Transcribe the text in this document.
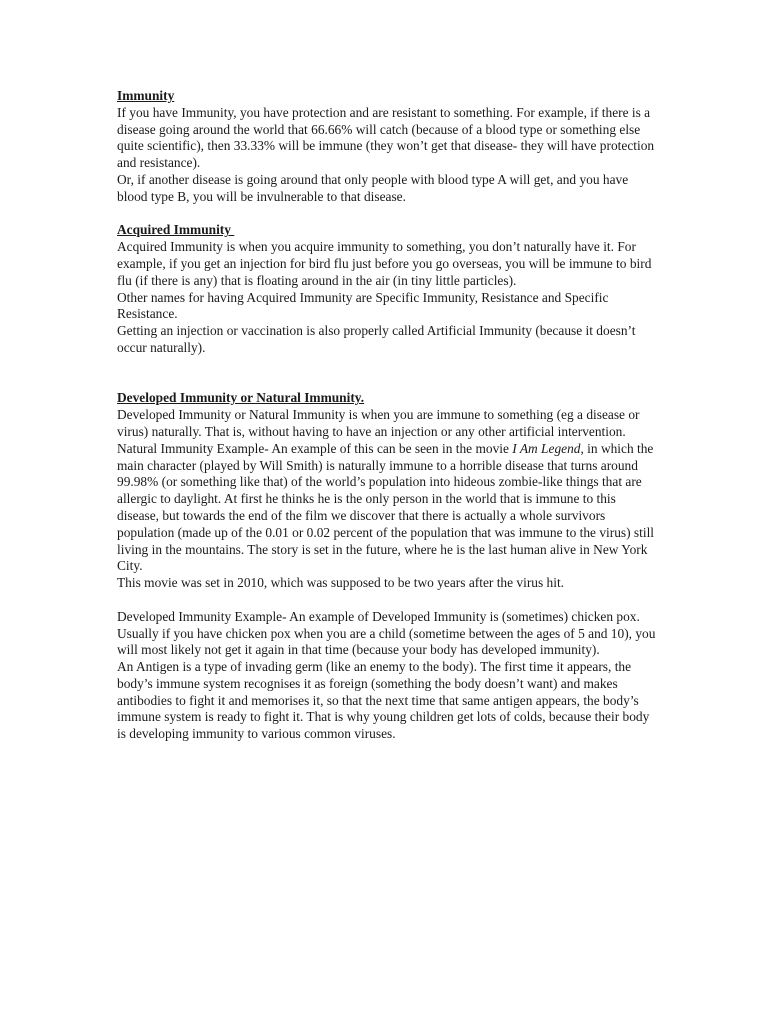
Immunity

If you have Immunity, you have protection and are resistant to something. For example, if there is a disease going around the world that 66.66% will catch (because of a blood type or something else quite scientific), then 33.33% will be immune (they won’t get that disease- they will have protection and resistance).

Or, if another disease is going around that only people with blood type A will get, and you have blood type B, you will be invulnerable to that disease.

Acquired Immunity

Acquired Immunity is when you acquire immunity to something, you don’t naturally have it. For example, if you get an injection for bird flu just before you go overseas, you will be immune to bird flu (if there is any) that is floating around in the air (in tiny little particles).

Other names for having Acquired Immunity are Specific Immunity, Resistance and Specific Resistance.

Getting an injection or vaccination is also properly called Artificial Immunity (because it doesn’t occur naturally).

Developed Immunity or Natural Immunity.

Developed Immunity or Natural Immunity is when you are immune to something (eg a disease or virus) naturally. That is, without having to have an injection or any other artificial intervention.

Natural Immunity Example- An example of this can be seen in the movie I Am Legend, in which the main character (played by Will Smith) is naturally immune to a horrible disease that turns around 99.98% (or something like that) of the world’s population into hideous zombie-like things that are allergic to daylight. At first he thinks he is the only person in the world that is immune to this disease, but towards the end of the film we discover that there is actually a whole survivors population (made up of the 0.01 or 0.02 percent of the population that was immune to the virus) still living in the mountains. The story is set in the future, where he is the last human alive in New York City.

This movie was set in 2010, which was supposed to be two years after the virus hit.

Developed Immunity Example- An example of Developed Immunity is (sometimes) chicken pox. Usually if you have chicken pox when you are a child (sometime between the ages of 5 and 10), you will most likely not get it again in that time (because your body has developed immunity).

An Antigen is a type of invading germ (like an enemy to the body). The first time it appears, the body’s immune system recognises it as foreign (something the body doesn’t want) and makes antibodies to fight it and memorises it, so that the next time that same antigen appears, the body’s immune system is ready to fight it. That is why young children get lots of colds, because their body is developing immunity to various common viruses.
